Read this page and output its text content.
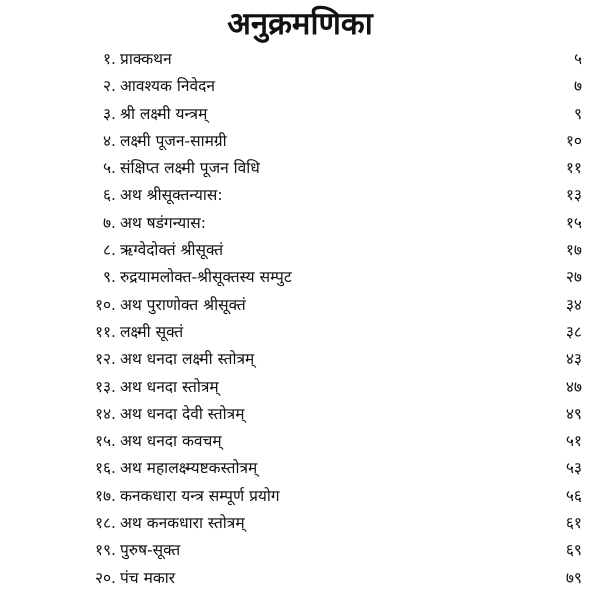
अनुक्रमणिका
१. प्राक्कथन	५
२. आवश्यक निवेदन	७
३. श्री लक्ष्मी यन्त्रम्	९
४. लक्ष्मी पूजन-सामग्री	१०
५. संक्षिप्त लक्ष्मी पूजन विधि	११
६. अथ श्रीसूक्तन्यास:	१३
७. अथ षडंगन्यास:	१५
८. ऋग्वेदोक्तं श्रीसूक्तं	१७
९. रुद्रयामलोक्त-श्रीसूक्तस्य सम्पुट	२७
१०. अथ पुराणोक्त श्रीसूक्तं	३४
११. लक्ष्मी सूक्तं	३८
१२. अथ धनदा लक्ष्मी स्तोत्रम्	४३
१३. अथ धनदा स्तोत्रम्	४७
१४. अथ धनदा देवी स्तोत्रम्	४९
१५. अथ धनदा कवचम्	५१
१६. अथ महालक्ष्म्यष्टकस्तोत्रम्	५३
१७. कनकधारा यन्त्र सम्पूर्ण प्रयोग	५६
१८. अथ कनकधारा स्तोत्रम्	६१
१९. पुरुष-सूक्त	६९
२०. पंच मकार	७९
